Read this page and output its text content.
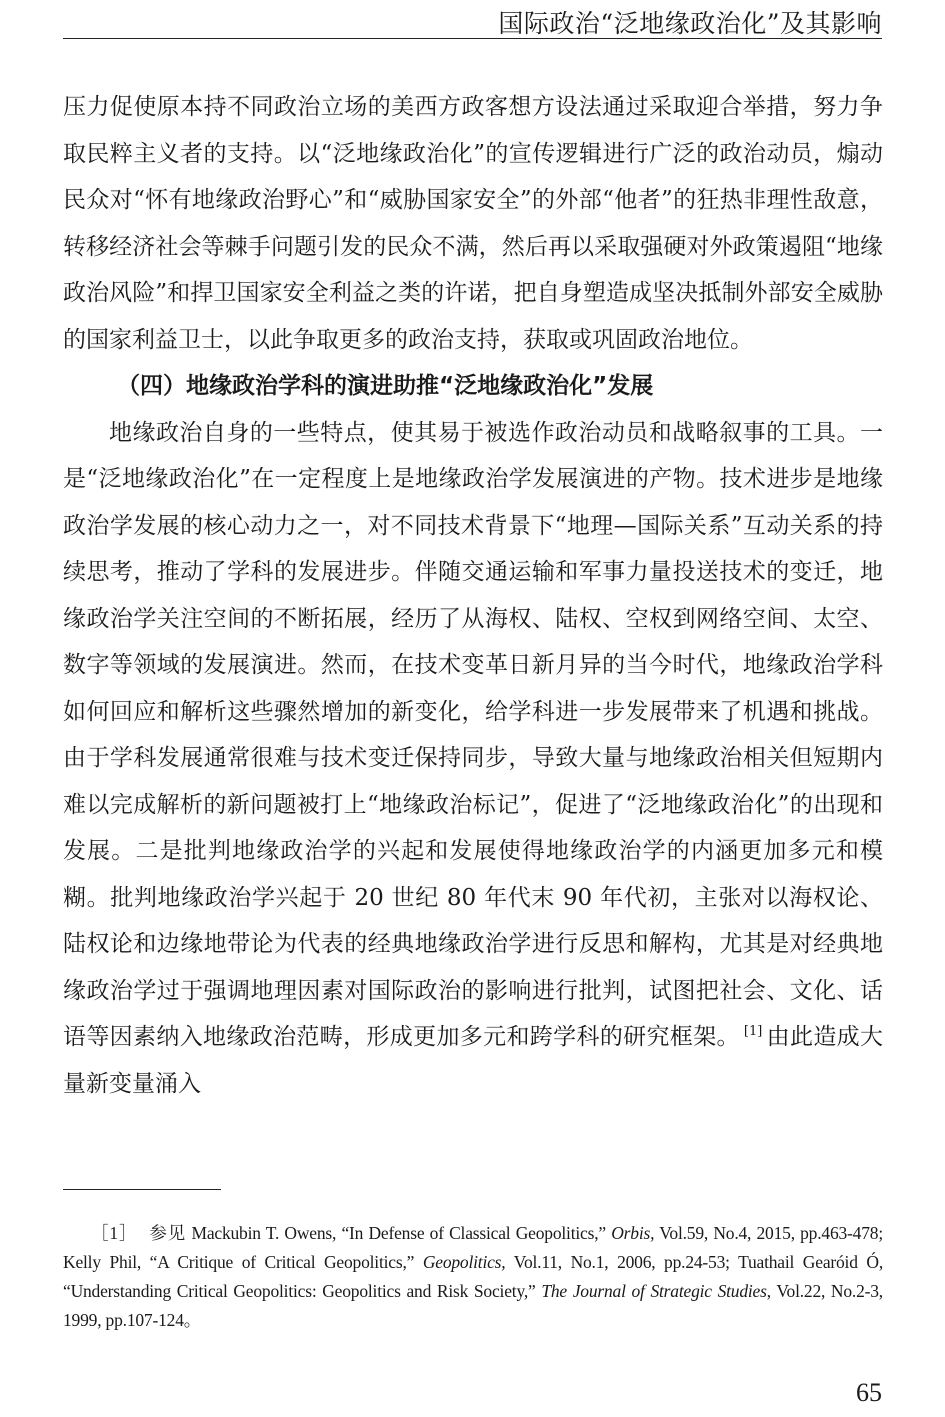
国际政治“泛地缘政治化”及其影响

压力促使原本持不同政治立场的美西方政客想方设法通过采取迎合举措，努力争取民粹主义者的支持。以“泛地缘政治化”的宣传逻辑进行广泛的政治动员，煽动民众对“怀有地缘政治野心”和“威胁国家安全”的外部“他者”的狂热非理性敌意，转移经济社会等棘手问题引发的民众不满，然后再以采取强硬对外政策遏阻“地缘政治风险”和捍卫国家安全利益之类的许诺，把自身塑造成坚决抵制外部安全威胁的国家利益卫士，以此争取更多的政治支持，获取或巩固政治地位。

（四）地缘政治学科的演进助推“泛地缘政治化”发展

地缘政治自身的一些特点，使其易于被选作政治动员和战略叙事的工具。一是“泛地缘政治化”在一定程度上是地缘政治学发展演进的产物。技术进步是地缘政治学发展的核心动力之一，对不同技术背景下“地理—国际关系”互动关系的持续思考，推动了学科的发展进步。伴随交通运输和军事力量投送技术的变迁，地缘政治学关注空间的不断拓展，经历了从海权、陆权、空权到网络空间、太空、数字等领域的发展演进。然而，在技术变革日新月异的当今时代，地缘政治学科如何回应和解析这些骤然增加的新变化，给学科进一步发展带来了机遇和挑战。由于学科发展通常很难与技术变迁保持同步，导致大量与地缘政治相关但短期内难以完成解析的新问题被打上“地缘政治标记”，促进了“泛地缘政治化”的出现和发展。二是批判地缘政治学的兴起和发展使得地缘政治学的内涵更加多元和模糊。批判地缘政治学兴起于 20 世纪 80 年代末 90 年代初，主张对以海权论、陆权论和边缘地带论为代表的经典地缘政治学进行反思和解构，尤其是对经典地缘政治学过于强调地理因素对国际政治的影响进行批判，试图把社会、文化、话语等因素纳入地缘政治范畴，形成更加多元和跨学科的研究框架。 [1] 由此造成大量新变量涌入

［1］ 参见 Mackubin T. Owens, “In Defense of Classical Geopolitics,” Orbis, Vol.59, No.4, 2015, pp.463-478; Kelly Phil, “A Critique of Critical Geopolitics,” Geopolitics, Vol.11, No.1, 2006, pp.24-53; Tuathail Gearóid Ó, “Understanding Critical Geopolitics: Geopolitics and Risk Society,” The Journal of Strategic Studies, Vol.22, No.2-3, 1999, pp.107-124。
65
